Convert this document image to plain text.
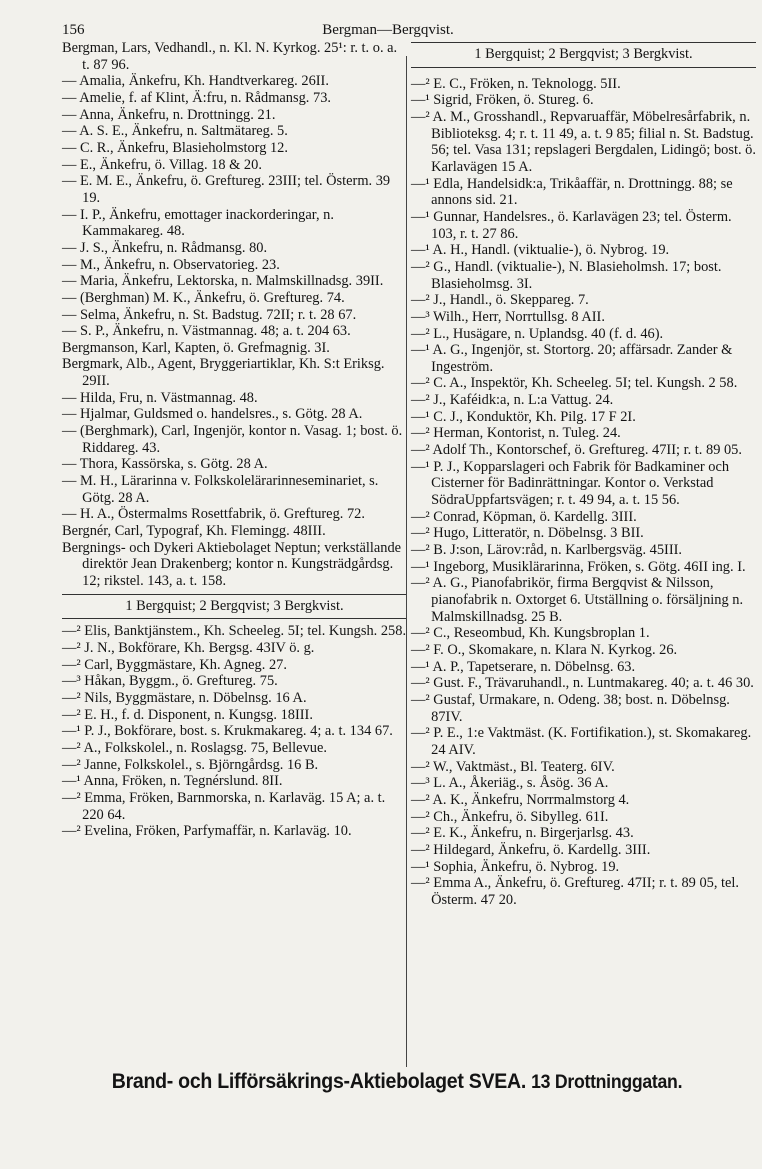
156	Bergman—Bergqvist.

Bergman, Lars, Vedhandl., n. Kl. N. Kyrkog. 25¹: r. t. o. a. t. 87 96.

— Amalia, Änkefru, Kh. Handtverkareg. 26II.

— Amelie, f. af Klint, Ä:fru, n. Rådmansg. 73.

— Anna, Änkefru, n. Drottningg. 21.

— A. S. E., Änkefru, n. Saltmätareg. 5.

— C. R., Änkefru, Blasieholmstorg 12.

— E., Änkefru, ö. Villag. 18 & 20.

— E. M. E., Änkefru, ö. Greftureg. 23III; tel. Österm. 39 19.

— I. P., Änkefru, emottager inackorderingar, n. Kammakareg. 48.

— J. S., Änkefru, n. Rådmansg. 80.

— M., Änkefru, n. Observatorieg. 23.

— Maria, Änkefru, Lektorska, n. Malmskillnadsg. 39II.

— (Berghman) M. K., Änkefru, ö. Greftureg. 74.

— Selma, Änkefru, n. St. Badstug. 72II; r. t. 28 67.

— S. P., Änkefru, n. Västmannag. 48; a. t. 204 63.

Bergmanson, Karl, Kapten, ö. Grefmagnig. 3I.

Bergmark, Alb., Agent, Bryggeriartiklar, Kh. S:t Eriksg. 29II.

— Hilda, Fru, n. Västmannag. 48.

— Hjalmar, Guldsmed o. handelsres., s. Götg. 28 A.

— (Berghmark), Carl, Ingenjör, kontor n. Vasag. 1; bost. ö. Riddareg. 43.

— Thora, Kassörska, s. Götg. 28 A.

— M. H., Lärarinna v. Folkskolelärarinneseminariet, s. Götg. 28 A.

— H. A., Östermalms Rosettfabrik, ö. Greftureg. 72.

Bergnér, Carl, Typograf, Kh. Flemingg. 48III.

Bergnings- och Dykeri Aktiebolaget Neptun; verkställande direktör Jean Drakenberg; kontor n. Kungsträdgårdsg. 12; rikstel. 143, a. t. 158.

1 Bergquist; 2 Bergqvist; 3 Bergkvist.

—² Elis, Banktjänstem., Kh. Scheeleg. 5I; tel. Kungsh. 258.

—² J. N., Bokförare, Kh. Bergsg. 43IV ö. g.

—² Carl, Byggmästare, Kh. Agneg. 27.

—³ Håkan, Byggm., ö. Greftureg. 75.

—² Nils, Byggmästare, n. Döbelnsg. 16 A.

—² E. H., f. d. Disponent, n. Kungsg. 18III.

—¹ P. J., Bokförare, bost. s. Krukmakareg. 4; a. t. 134 67.

—² A., Folkskolel., n. Roslagsg. 75, Bellevue.

—² Janne, Folkskolel., s. Björngårdsg. 16 B.

—¹ Anna, Fröken, n. Tegnérslund. 8II.

—² Emma, Fröken, Barnmorska, n. Karlaväg. 15 A; a. t. 220 64.

—² Evelina, Fröken, Parfymaffär, n. Karlaväg. 10.

1 Bergquist; 2 Bergqvist; 3 Bergkvist.

—² E. C., Fröken, n. Teknologg. 5II.

—¹ Sigrid, Fröken, ö. Stureg. 6.

—² A. M., Grosshandl., Repvaruaffär, Möbelresårfabrik, n. Biblioteksg. 4; r. t. 11 49, a. t. 9 85; filial n. St. Badstug. 56; tel. Vasa 131; repslageri Bergdalen, Lidingö; bost. ö. Karlavägen 15 A.

—¹ Edla, Handelsidk:a, Trikåaffär, n. Drottningg. 88; se annons sid. 21.

—¹ Gunnar, Handelsres., ö. Karlavägen 23; tel. Österm. 103, r. t. 27 86.

—¹ A. H., Handl. (viktualie-), ö. Nybrog. 19.

—² G., Handl. (viktualie-), N. Blasieholmsh. 17; bost. Blasieholmsg. 3I.

—² J., Handl., ö. Skeppareg. 7.

—³ Wilh., Herr, Norrtullsg. 8 AII.

—² L., Husägare, n. Uplandsg. 40 (f. d. 46).

—¹ A. G., Ingenjör, st. Stortorg. 20; affärsadr. Zander & Ingeström.

—² C. A., Inspektör, Kh. Scheeleg. 5I; tel. Kungsh. 2 58.

—² J., Kaféidk:a, n. L:a Vattug. 24.

—¹ C. J., Konduktör, Kh. Pilg. 17 F 2I.

—² Herman, Kontorist, n. Tuleg. 24.

—² Adolf Th., Kontorschef, ö. Greftureg. 47II; r. t. 89 05.

—¹ P. J., Kopparslageri och Fabrik för Badkaminer och Cisterner för Badinrättningar. Kontor o. Verkstad SödraUppfartsvägen; r. t. 49 94, a. t. 15 56.

—² Conrad, Köpman, ö. Kardellg. 3III.

—² Hugo, Litteratör, n. Döbelnsg. 3 BII.

—² B. J:son, Lärov:råd, n. Karlbergsväg. 45III.

—¹ Ingeborg, Musiklärarinna, Fröken, s. Götg. 46II ing. I.

—² A. G., Pianofabrikör, firma Bergqvist & Nilsson, pianofabrik n. Oxtorget 6. Utställning o. försäljning n. Malmskillnadsg. 25 B.

—² C., Reseombud, Kh. Kungsbroplan 1.

—² F. O., Skomakare, n. Klara N. Kyrkog. 26.

—¹ A. P., Tapetserare, n. Döbelnsg. 63.

—² Gust. F., Trävaruhandl., n. Luntmakareg. 40; a. t. 46 30.

—² Gustaf, Urmakare, n. Odeng. 38; bost. n. Döbelnsg. 87IV.

—² P. E., 1:e Vaktmäst. (K. Fortifikation.), st. Skomakareg. 24 AIV.

—² W., Vaktmäst., Bl. Teaterg. 6IV.

—³ L. A., Åkeriäg., s. Åsög. 36 A.

—² A. K., Änkefru, Norrmalmstorg 4.

—² Ch., Änkefru, ö. Sibylleg. 61I.

—² E. K., Änkefru, n. Birgerjarlsg. 43.

—² Hildegard, Änkefru, ö. Kardellg. 3III.

—¹ Sophia, Änkefru, ö. Nybrog. 19.

—² Emma A., Änkefru, ö. Greftureg. 47II; r. t. 89 05, tel. Österm. 47 20.

Brand- och Lifförsäkrings-Aktiebolaget SVEA. 13 Drottninggatan.
